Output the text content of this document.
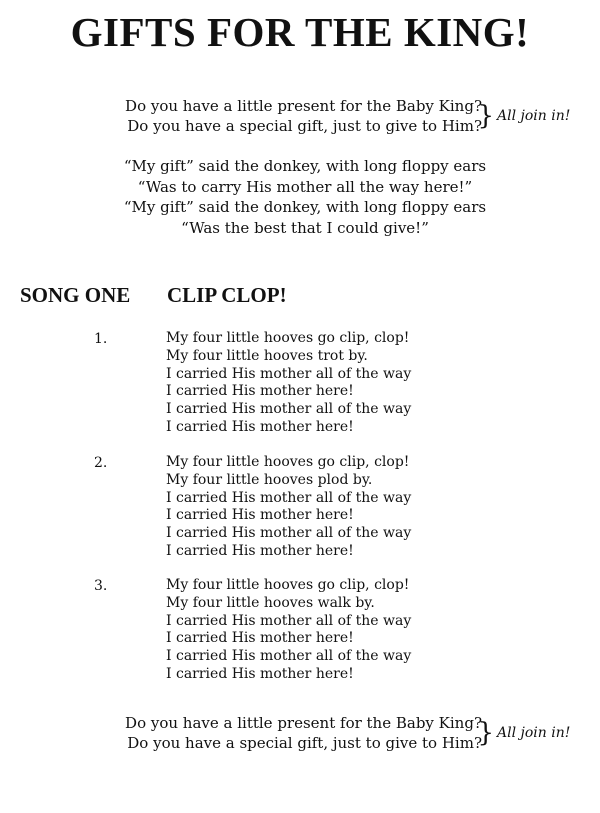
GIFTS FOR THE KING!
Do you have a little present for the Baby King?
Do you have a special gift, just to give to Him?
} All join in!
“My gift” said the donkey, with long floppy ears
“Was to carry His mother all the way here!”
“My gift” said the donkey, with long floppy ears
“Was the best that I could give!”
SONG ONE CLIP CLOP!
1.	My four little hooves go clip, clop!
My four little hooves trot by.
I carried His mother all of the way
I carried His mother here!
I carried His mother all of the way
I carried His mother here!
2.	My four little hooves go clip, clop!
My four little hooves plod by.
I carried His mother all of the way
I carried His mother here!
I carried His mother all of the way
I carried His mother here!
3.	My four little hooves go clip, clop!
My four little hooves walk by.
I carried His mother all of the way
I carried His mother here!
I carried His mother all of the way
I carried His mother here!
Do you have a little present for the Baby King?
Do you have a special gift, just to give to Him?
} All join in!
